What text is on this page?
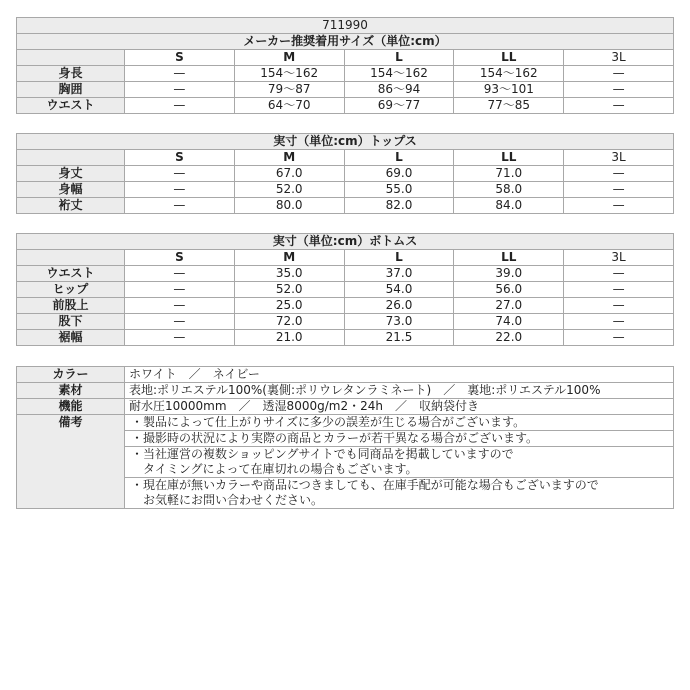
711990					
メーカー推奨着用サイズ（単位:cm）					
	S	M	L	LL	3L
身長	—	154〜162	154〜162	154〜162	—
胸囲	—	79〜87	86〜94	93〜101	—
ウエスト	—	64〜70	69〜77	77〜85	—
実寸（単位:cm）トップス					
	S	M	L	LL	3L
身丈	—	67.0	69.0	71.0	—
身幅	—	52.0	55.0	58.0	—
裄丈	—	80.0	82.0	84.0	—
実寸（単位:cm）ボトムス					
	S	M	L	LL	3L
ウエスト	—	35.0	37.0	39.0	—
ヒップ	—	52.0	54.0	56.0	—
前股上	—	25.0	26.0	27.0	—
股下	—	72.0	73.0	74.0	—
裾幅	—	21.0	21.5	22.0	—
カラー	ホワイト　／　ネイビー
素材	表地:ポリエステル100%(裏側:ポリウレタンラミネート)　／　裏地:ポリエステル100%
機能	耐水圧10000mm　／　透湿8000g/m2・24h　／　収納袋付き
備考	・製品によって仕上がりサイズに多少の誤差が生じる場合がございます。

	・撮影時の状況により実際の商品とカラーが若干異なる場合がございます。

	・当社運営の複数ショッピングサイトでも同商品を掲載していますので
　タイミングによって在庫切れの場合もございます。

	・現在庫が無いカラーや商品につきましても、在庫手配が可能な場合もございますので
　お気軽にお問い合わせください。
